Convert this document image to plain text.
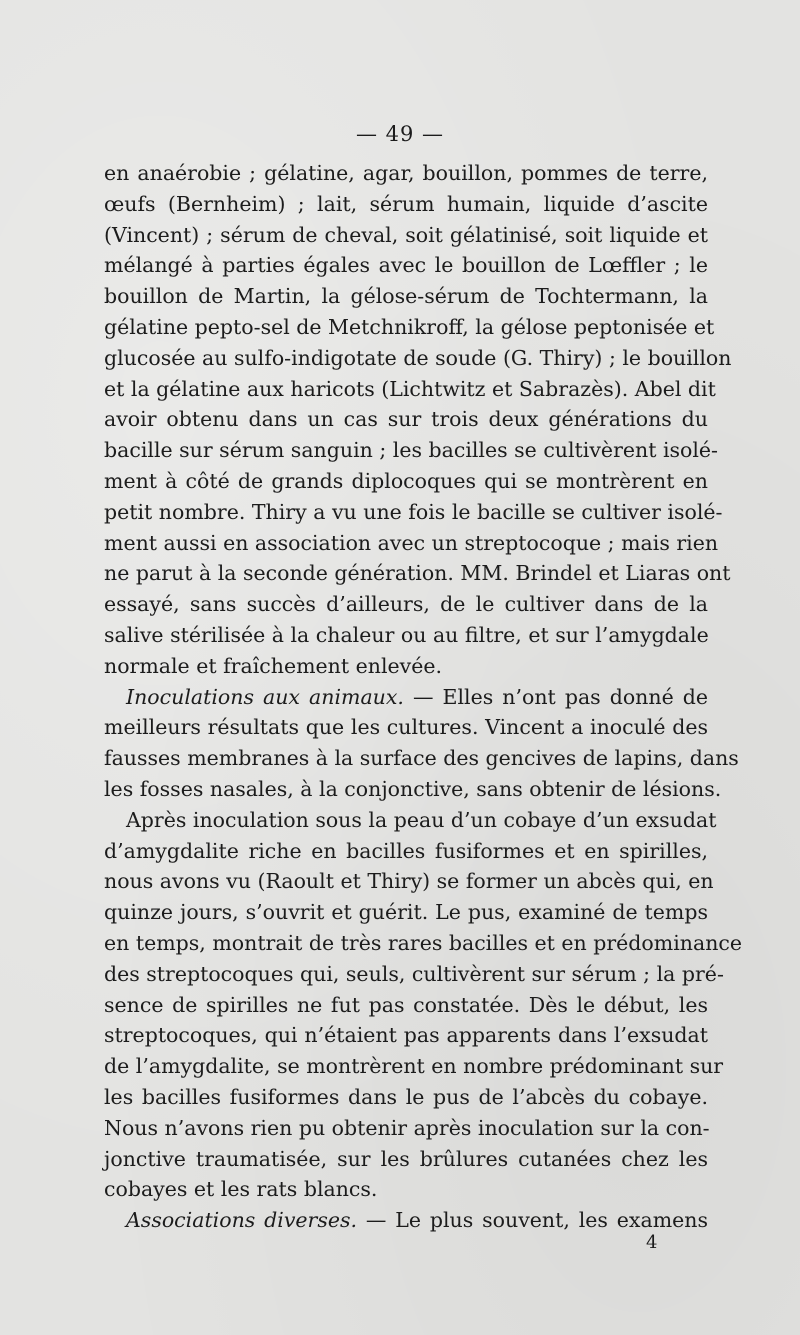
— 49 —
en anaérobie ; gélatine, agar, bouillon, pommes de terre,
œufs (Bernheim) ; lait, sérum humain, liquide d’ascite
(Vincent) ; sérum de cheval, soit gélatinisé, soit liquide et
mélangé à parties égales avec le bouillon de Lœffler ; le
bouillon de Martin, la gélose-sérum de Tochtermann, la
gélatine pepto-sel de Metchnikroff, la gélose peptonisée et
glucosée au sulfo-indigotate de soude (G. Thiry) ; le bouillon
et la gélatine aux haricots (Lichtwitz et Sabrazès). Abel dit
avoir obtenu dans un cas sur trois deux générations du
bacille sur sérum sanguin ; les bacilles se cultivèrent isolé-
ment à côté de grands diplocoques qui se montrèrent en
petit nombre. Thiry a vu une fois le bacille se cultiver isolé-
ment aussi en association avec un streptocoque ; mais rien
ne parut à la seconde génération. MM. Brindel et Liaras ont
essayé, sans succès d’ailleurs, de le cultiver dans de la
salive stérilisée à la chaleur ou au filtre, et sur l’amygdale
normale et fraîchement enlevée.
Inoculations aux animaux. — Elles n’ont pas donné de
meilleurs résultats que les cultures. Vincent a inoculé des
fausses membranes à la surface des gencives de lapins, dans
les fosses nasales, à la conjonctive, sans obtenir de lésions.
Après inoculation sous la peau d’un cobaye d’un exsudat
d’amygdalite riche en bacilles fusiformes et en spirilles,
nous avons vu (Raoult et Thiry) se former un abcès qui, en
quinze jours, s’ouvrit et guérit. Le pus, examiné de temps
en temps, montrait de très rares bacilles et en prédominance
des streptocoques qui, seuls, cultivèrent sur sérum ; la pré-
sence de spirilles ne fut pas constatée. Dès le début, les
streptocoques, qui n’étaient pas apparents dans l’exsudat
de l’amygdalite, se montrèrent en nombre prédominant sur
les bacilles fusiformes dans le pus de l’abcès du cobaye.
Nous n’avons rien pu obtenir après inoculation sur la con-
jonctive traumatisée, sur les brûlures cutanées chez les
cobayes et les rats blancs.
Associations diverses. — Le plus souvent, les examens
4
